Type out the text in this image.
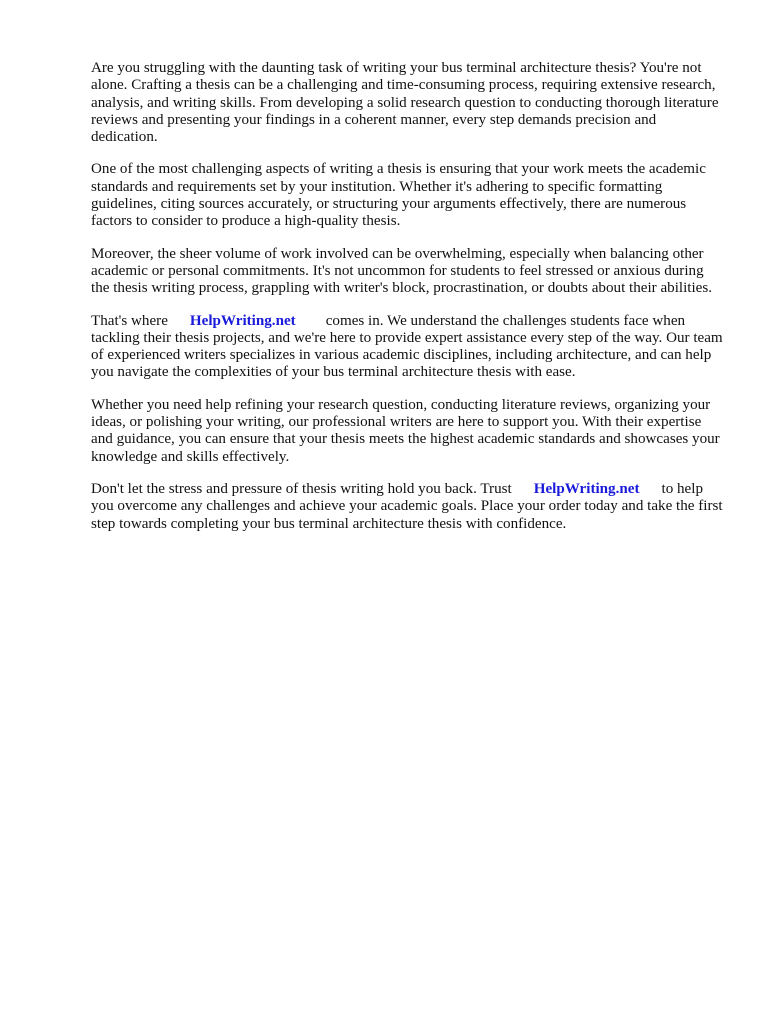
Are you struggling with the daunting task of writing your bus terminal architecture thesis? You're not alone. Crafting a thesis can be a challenging and time-consuming process, requiring extensive research, analysis, and writing skills. From developing a solid research question to conducting thorough literature reviews and presenting your findings in a coherent manner, every step demands precision and dedication.

One of the most challenging aspects of writing a thesis is ensuring that your work meets the academic standards and requirements set by your institution. Whether it's adhering to specific formatting guidelines, citing sources accurately, or structuring your arguments effectively, there are numerous factors to consider to produce a high-quality thesis.

Moreover, the sheer volume of work involved can be overwhelming, especially when balancing other academic or personal commitments. It's not uncommon for students to feel stressed or anxious during the thesis writing process, grappling with writer's block, procrastination, or doubts about their abilities.

That's where HelpWriting.net comes in. We understand the challenges students face when tackling their thesis projects, and we're here to provide expert assistance every step of the way. Our team of experienced writers specializes in various academic disciplines, including architecture, and can help you navigate the complexities of your bus terminal architecture thesis with ease.

Whether you need help refining your research question, conducting literature reviews, organizing your ideas, or polishing your writing, our professional writers are here to support you. With their expertise and guidance, you can ensure that your thesis meets the highest academic standards and showcases your knowledge and skills effectively.

Don't let the stress and pressure of thesis writing hold you back. Trust HelpWriting.net to help you overcome any challenges and achieve your academic goals. Place your order today and take the first step towards completing your bus terminal architecture thesis with confidence.
